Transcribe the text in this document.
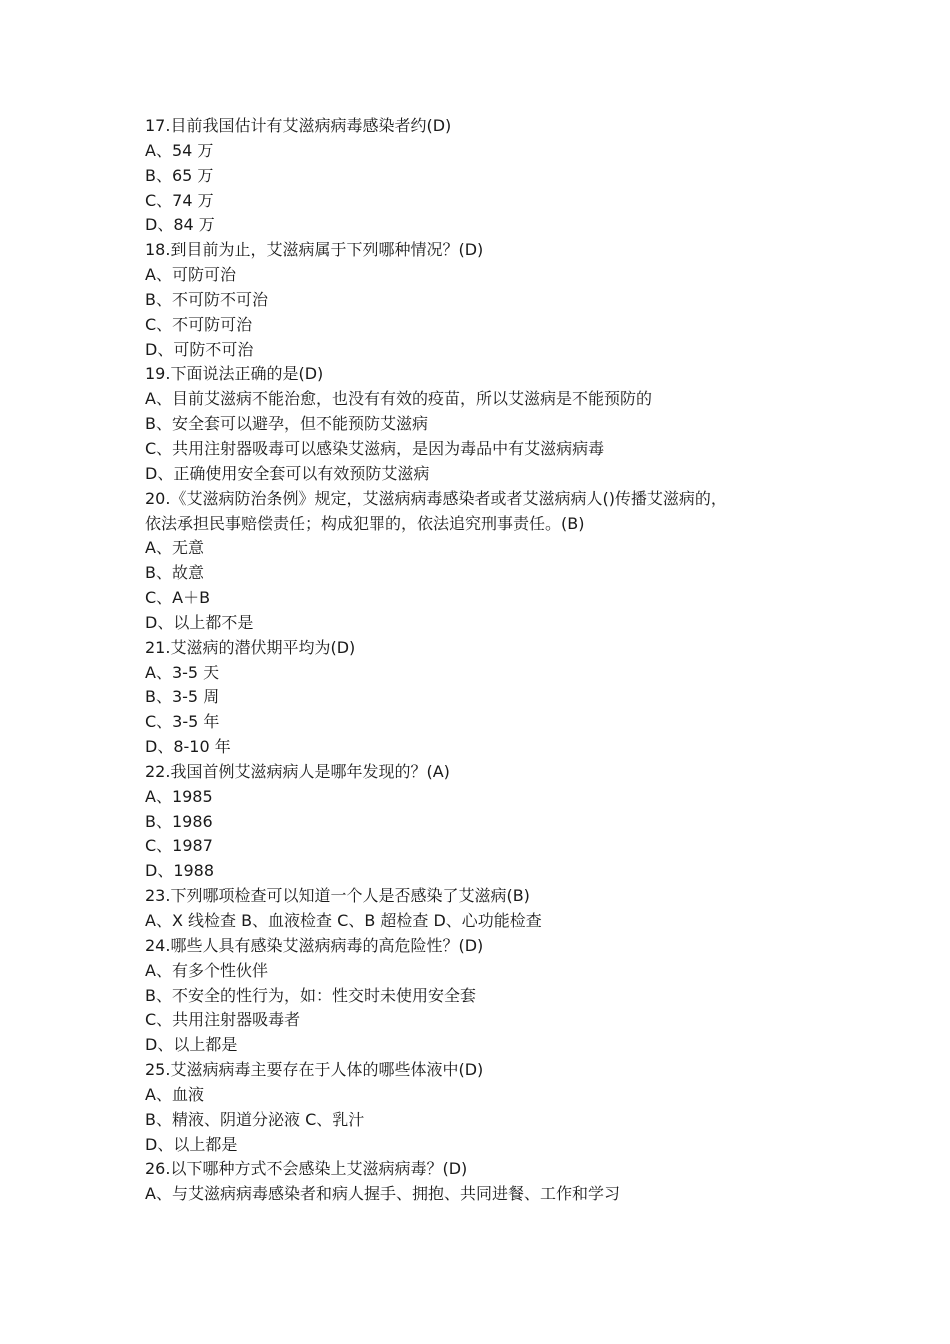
17.目前我国估计有艾滋病病毒感染者约(D)
A、54 万
B、65 万
C、74 万
D、84 万
18.到目前为止，艾滋病属于下列哪种情况？(D)
A、可防可治
B、不可防不可治
C、不可防可治
D、可防不可治
19.下面说法正确的是(D)
A、目前艾滋病不能治愈，也没有有效的疫苗，所以艾滋病是不能预防的
B、安全套可以避孕，但不能预防艾滋病
C、共用注射器吸毒可以感染艾滋病，是因为毒品中有艾滋病病毒
D、正确使用安全套可以有效预防艾滋病
20.《艾滋病防治条例》规定，艾滋病病毒感染者或者艾滋病病人()传播艾滋病的，
依法承担民事赔偿责任；构成犯罪的，依法追究刑事责任。(B)
A、无意
B、故意
C、A＋B
D、以上都不是
21.艾滋病的潜伏期平均为(D)
A、3-5 天
B、3-5 周
C、3-5 年
D、8-10 年
22.我国首例艾滋病病人是哪年发现的？(A)
A、1985
B、1986
C、1987
D、1988
23.下列哪项检查可以知道一个人是否感染了艾滋病(B)
A、X 线检查 B、血液检查 C、B 超检查 D、心功能检查
24.哪些人具有感染艾滋病病毒的高危险性？(D)
A、有多个性伙伴
B、不安全的性行为，如：性交时未使用安全套
C、共用注射器吸毒者
D、以上都是
25.艾滋病病毒主要存在于人体的哪些体液中(D)
A、血液
B、精液、阴道分泌液 C、乳汁
D、以上都是
26.以下哪种方式不会感染上艾滋病病毒？(D)
A、与艾滋病病毒感染者和病人握手、拥抱、共同进餐、工作和学习
